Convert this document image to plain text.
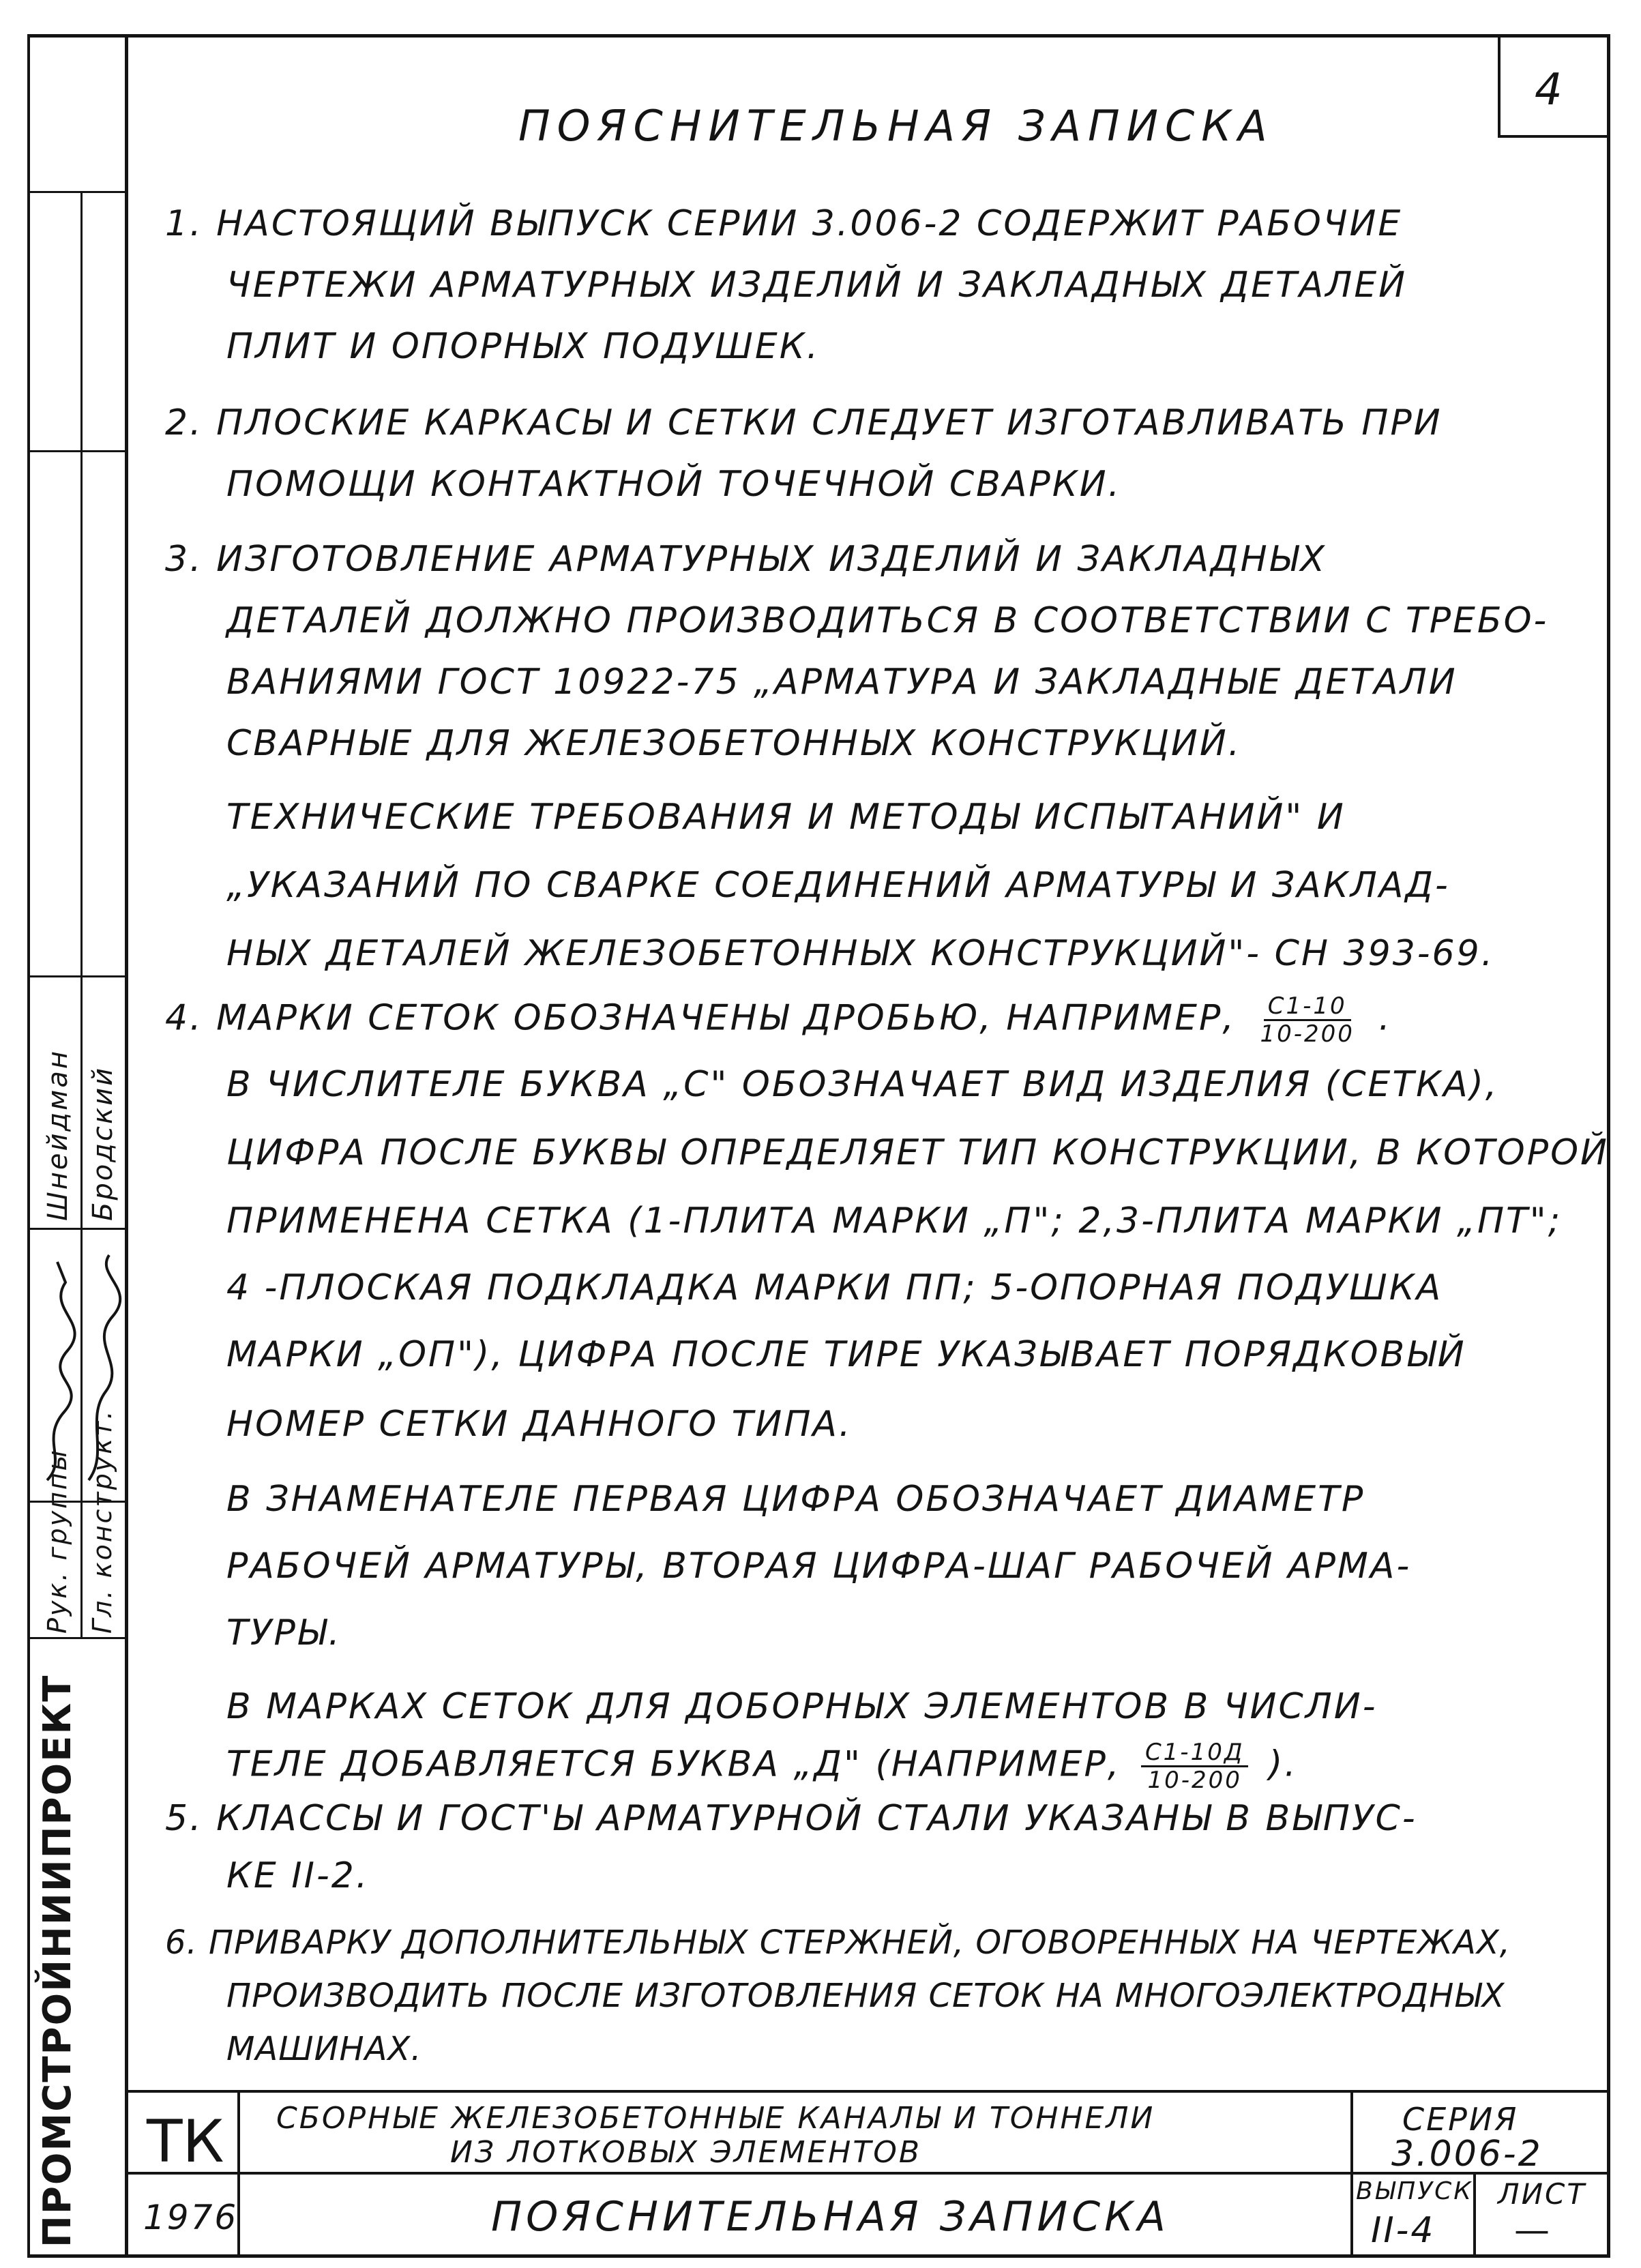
ПРОМСТРОЙНИИПРОЕКТ
Гл. конструкт.
Рук. группы
Бродский
Шнейдман
4
ПОЯСНИТЕЛЬНАЯ ЗАПИСКА
1. НАСТОЯЩИЙ ВЫПУСК СЕРИИ 3.006-2 СОДЕРЖИТ РАБОЧИЕ
ЧЕРТЕЖИ АРМАТУРНЫХ ИЗДЕЛИЙ И ЗАКЛАДНЫХ ДЕТАЛЕЙ
ПЛИТ И ОПОРНЫХ ПОДУШЕК.
2. ПЛОСКИЕ КАРКАСЫ И СЕТКИ СЛЕДУЕТ ИЗГОТАВЛИВАТЬ ПРИ
ПОМОЩИ КОНТАКТНОЙ ТОЧЕЧНОЙ СВАРКИ.
3. ИЗГОТОВЛЕНИЕ АРМАТУРНЫХ ИЗДЕЛИЙ И ЗАКЛАДНЫХ
ДЕТАЛЕЙ ДОЛЖНО ПРОИЗВОДИТЬСЯ В СООТВЕТСТВИИ С ТРЕБО-
ВАНИЯМИ ГОСТ 10922-75 „АРМАТУРА И ЗАКЛАДНЫЕ ДЕТАЛИ
СВАРНЫЕ ДЛЯ ЖЕЛЕЗОБЕТОННЫХ КОНСТРУКЦИЙ.
ТЕХНИЧЕСКИЕ ТРЕБОВАНИЯ И МЕТОДЫ ИСПЫТАНИЙ" И
„УКАЗАНИЙ ПО СВАРКЕ СОЕДИНЕНИЙ АРМАТУРЫ И ЗАКЛАД-
НЫХ ДЕТАЛЕЙ ЖЕЛЕЗОБЕТОННЫХ КОНСТРУКЦИЙ"- СН 393-69.
4. МАРКИ СЕТОК ОБОЗНАЧЕНЫ ДРОБЬЮ, НАПРИМЕР, $\frac{С1-10}{10-200}$ .
В ЧИСЛИТЕЛЕ БУКВА „С" ОБОЗНАЧАЕТ ВИД ИЗДЕЛИЯ (СЕТКА),
ЦИФРА ПОСЛЕ БУКВЫ ОПРЕДЕЛЯЕТ ТИП КОНСТРУКЦИИ, В КОТОРОЙ
ПРИМЕНЕНА СЕТКА (1-ПЛИТА МАРКИ „П"; 2,3-ПЛИТА МАРКИ „ПТ";
4 -ПЛОСКАЯ ПОДКЛАДКА МАРКИ ПП; 5-ОПОРНАЯ ПОДУШКА
МАРКИ „ОП"), ЦИФРА ПОСЛЕ ТИРЕ УКАЗЫВАЕТ ПОРЯДКОВЫЙ
НОМЕР СЕТКИ ДАННОГО ТИПА.
В ЗНАМЕНАТЕЛЕ ПЕРВАЯ ЦИФРА ОБОЗНАЧАЕТ ДИАМЕТР
РАБОЧЕЙ АРМАТУРЫ, ВТОРАЯ ЦИФРА-ШАГ РАБОЧЕЙ АРМА-
ТУРЫ.
В МАРКАХ СЕТОК ДЛЯ ДОБОРНЫХ ЭЛЕМЕНТОВ В ЧИСЛИ-
ТЕЛЕ ДОБАВЛЯЕТСЯ БУКВА „Д" (НАПРИМЕР, $\frac{С1-10Д}{10-200}$ ).
5. КЛАССЫ И ГОСТ'Ы АРМАТУРНОЙ СТАЛИ УКАЗАНЫ В ВЫПУС-
КЕ II-2.
6. ПРИВАРКУ ДОПОЛНИТЕЛЬНЫХ СТЕРЖНЕЙ, ОГОВОРЕННЫХ НА ЧЕРТЕЖАХ,
ПРОИЗВОДИТЬ ПОСЛЕ ИЗГОТОВЛЕНИЯ СЕТОК НА МНОГОЭЛЕКТРОДНЫХ
МАШИНАХ.
ТК СБОРНЫЕ ЖЕЛЕЗОБЕТОННЫЕ КАНАЛЫ И ТОННЕЛИ
ИЗ ЛОТКОВЫХ ЭЛЕМЕНТОВ
СЕРИЯ
3.006-2
1976	ПОЯСНИТЕЛЬНАЯ ЗАПИСКА
ВЫПУСК
II-4
ЛИСТ
—
